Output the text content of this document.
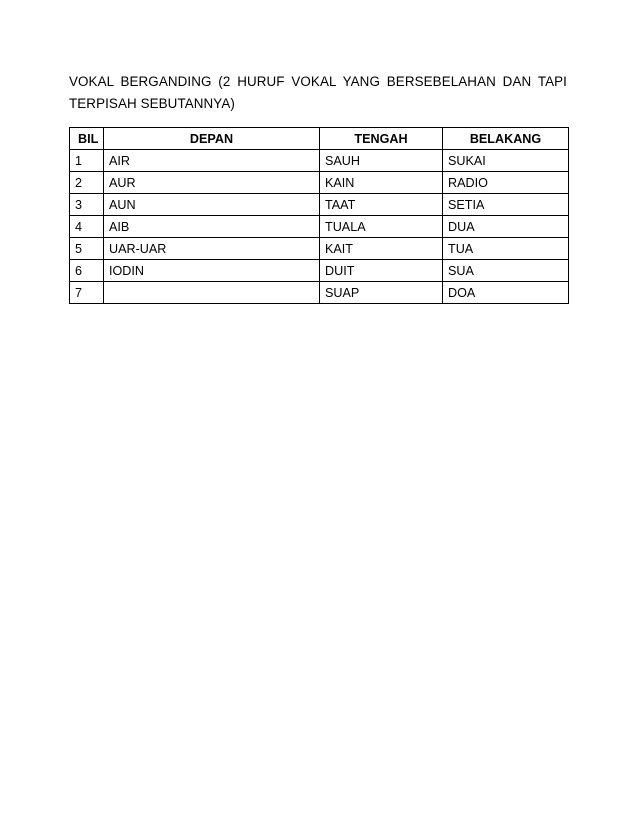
VOKAL BERGANDING (2 HURUF VOKAL YANG BERSEBELAHAN DAN TAPI
TERPISAH SEBUTANNYA)
BIL	DEPAN	TENGAH	BELAKANG
1	AIR	SAUH	SUKAI
2	AUR	KAIN	RADIO
3	AUN	TAAT	SETIA
4	AIB	TUALA	DUA
5	UAR-UAR	KAIT	TUA
6	IODIN	DUIT	SUA
7		SUAP	DOA
